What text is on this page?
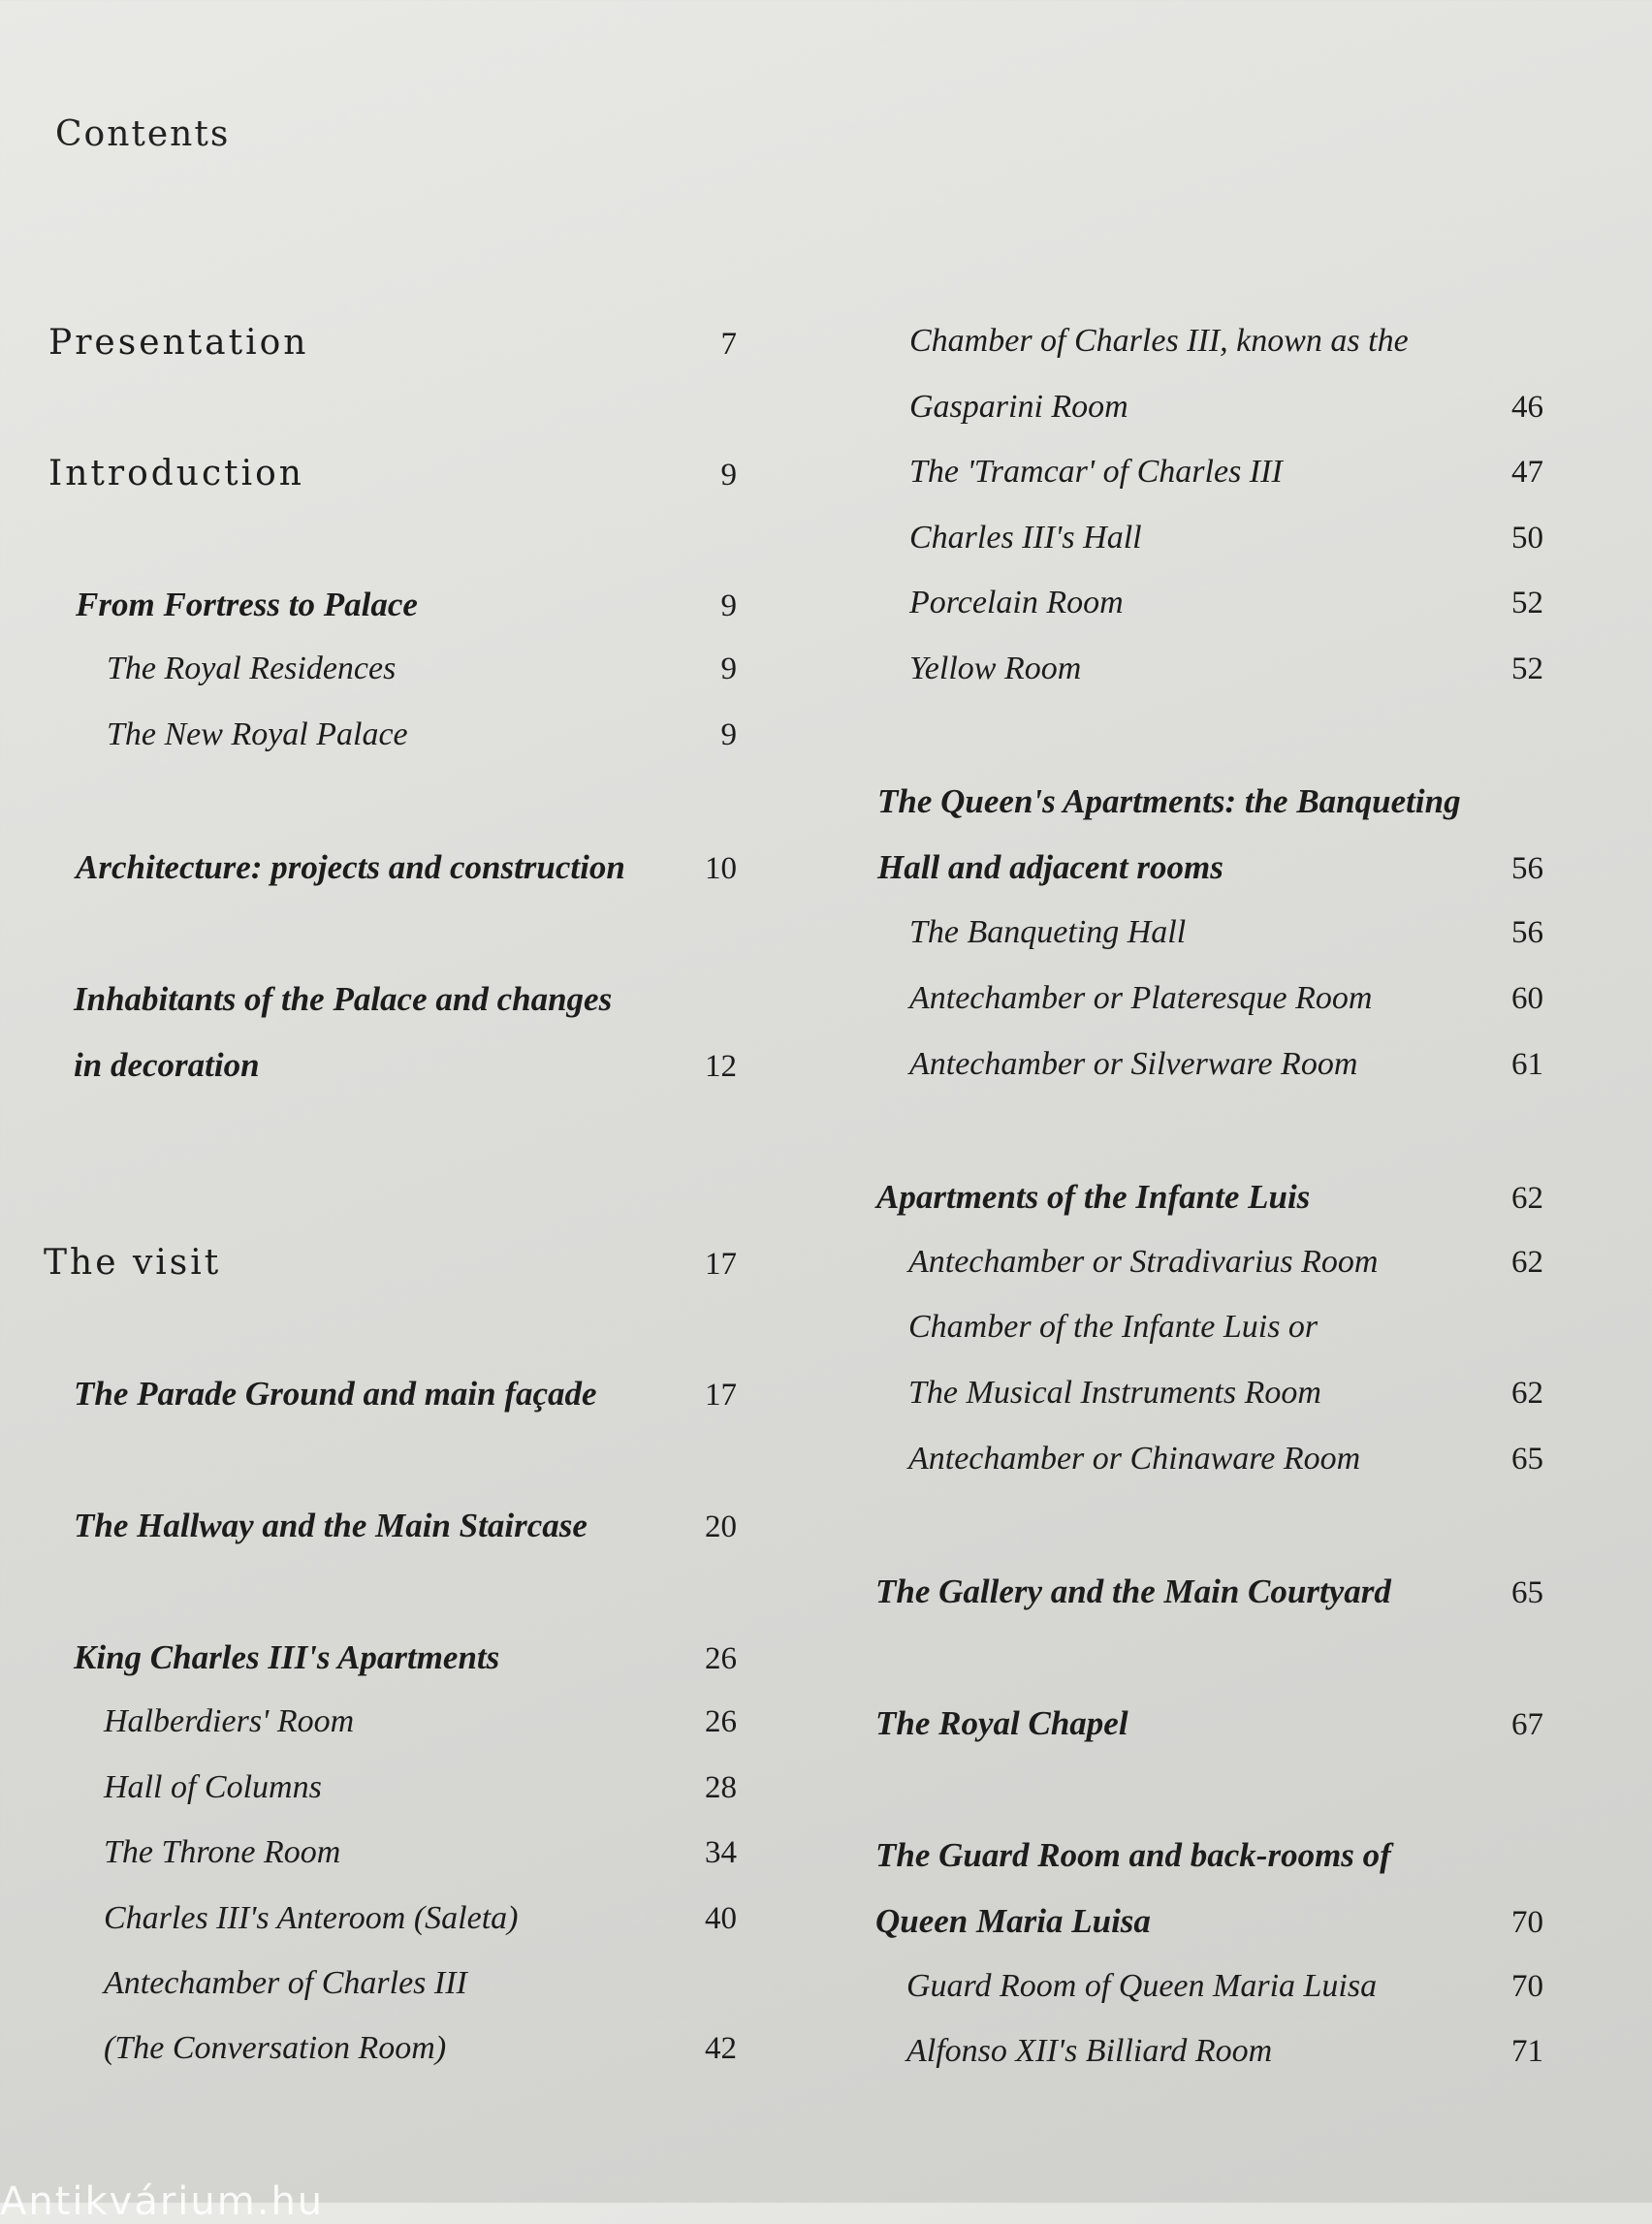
Contents
Presentation	7
Introduction	9
From Fortress to Palace	9
The Royal Residences	9
The New Royal Palace	9
Architecture: projects and construction 10
Inhabitants of the Palace and changes
in decoration	12
The visit	17
The Parade Ground and main façade	17
The Hallway and the Main Staircase	20
King Charles III's Apartments	26
Halberdiers' Room	26
Hall of Columns	28
The Throne Room	34
Charles III's Anteroom (Saleta)	40
Antechamber of Charles III
(The Conversation Room)	42
Chamber of Charles III, known as the
Gasparini Room	46
The 'Tramcar' of Charles III	47
Charles III's Hall	50
Porcelain Room	52
Yellow Room	52
The Queen's Apartments: the Banqueting
Hall and adjacent rooms	56
The Banqueting Hall	56
Antechamber or Plateresque Room	60
Antechamber or Silverware Room	61
Apartments of the Infante Luis	62
Antechamber or Stradivarius Room	62
Chamber of the Infante Luis or
The Musical Instruments Room	62
Antechamber or Chinaware Room	65
The Gallery and the Main Courtyard	65
The Royal Chapel	67
The Guard Room and back-rooms of
Queen Maria Luisa	70
Guard Room of Queen Maria Luisa	70
Alfonso XII's Billiard Room	71
Antikvárium.hu
